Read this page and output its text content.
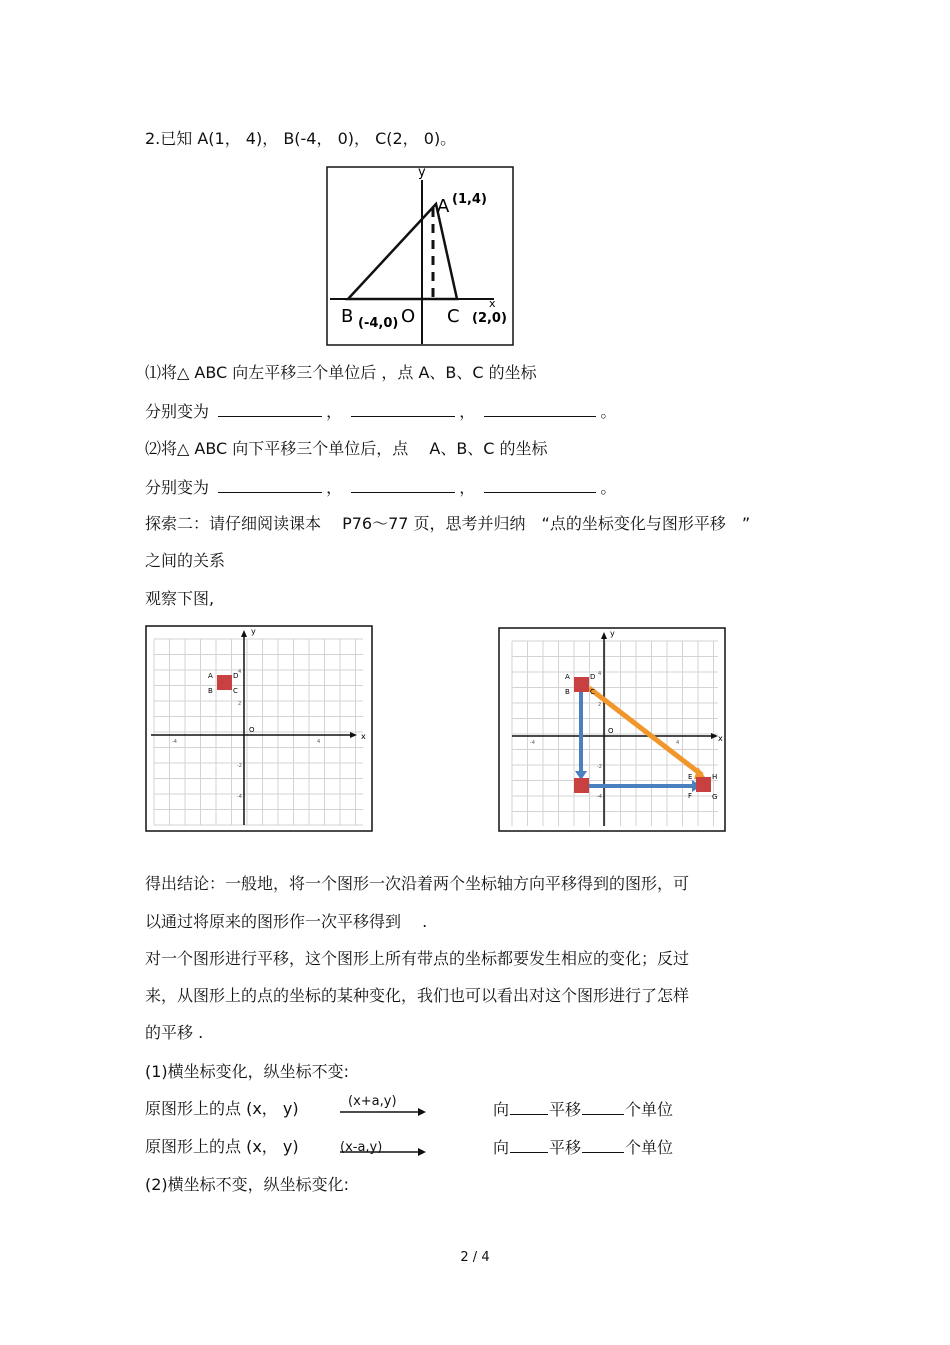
2.已知 A(1， 4)， B(-4， 0)， C(2， 0)。
y
x
A (1,4)
B (-4,0) O C (2,0)
⑴将△ ABC 向左平移三个单位后 ，点 A、B、C 的坐标
分别变为	，	，	。
⑵将△ ABC 向下平移三个单位后，点 　A、B、C 的坐标
分别变为	，	，	。
探索二：请仔细阅读课本　 P76～77 页，思考并归纳　“点的坐标变化与图形平移　”
之间的关系
观察下图,
y
x
O
-4	4
4
2
-2
-4
A
B
D
C
y
x
O
-4	4
4
2
-2
-4
A
B
D
C
E	H
F	G
得出结论：一般地，将一个图形一次沿着两个坐标轴方向平移得到的图形，可
以通过将原来的图形作一次平移得到　 .
对一个图形进行平移，这个图形上所有带点的坐标都要发生相应的变化；反过
来，从图形上的点的坐标的某种变化，我们也可以看出对这个图形进行了怎样
的平移 .
(1)横坐标变化，纵坐标不变:
原图形上的点 (x， y)	(x+a,y)	向	平移	个单位
原图形上的点 (x， y)	(x-a,y)	向	平移	个单位
(2)横坐标不变，纵坐标变化:
2 / 4
